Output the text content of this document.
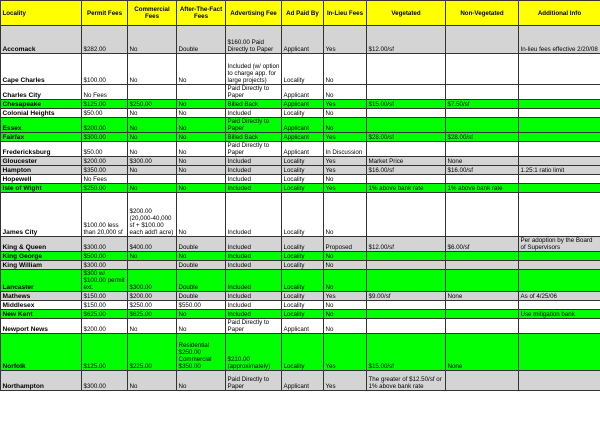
Locality	Permit Fees	Commercial Fees	After-The-Fact Fees	Advertising Fee	Ad Paid By	In-Lieu Fees	Vegetated	Non-Vegetated	Additional Info
Accomack	$282.00	No	Double	$160.00 Paid Directly to Paper	Applicant	Yes	$12.00/sf		In-lieu fees effective 2/20/08
Cape Charles	$100.00	No	No	Included (w/ option to charge app. for large projects)	Locality	No			
Charles City	No Fees			Paid Directly to Paper	Applicant	No			
Chesapeake	$125.00	$250.00	No	Billed Back	Applicant	Yes	$15.00/sf	$7.50/sf	
Colonial Heights	$50.00	No	No	Included	Locality	No			
Essex	$200.00	No	No	Paid Directly to Paper	Applicant	No			
Fairfax	$300.00	No	No	Billed Back	Applicant	Yes	$28.00/sf	$28.00/sf	
Fredericksburg	$50.00	No	No	Paid Directly to Paper	Applicant	In Discussion			
Gloucester	$200.00	$300.00	No	Included	Locality	Yes	Market Price	None	
Hampton	$350.00	No	No	Included	Locality	Yes	$16.00/sf	$16.00/sf	1.25:1 ratio limit
Hopewell	No Fees			Included	Locality	No			
Isle of Wight	$250.00	No	No	Included	Locality	Yes	1% above bank rate	1% above bank rate	
James City	$100.00 less than 20,000 sf	$200.00 (20,000-40,000 sf + $100.00 each add'l acre)	No	Included	Locality	No			
King & Queen	$300.00	$400.00	Double	Included	Locality	Proposed	$12.00/sf	$6.00/sf	Per adoption by the Board of Supervisors
King George	$500.00	No	No	Included	Locality	No			
King William	$300.00		Double	Included	Locality	No			
Lancaster	$300 w/ $100.00 permit ext.	$300.00	Double	Included	Locality	No			
Mathews	$150.00	$200.00	Double	Included	Locality	Yes	$9.00/sf	None	As of 4/25/06
Middlesex	$150.00	$250.00	$550.00	Included	Locality	No			
New Kent	$625.00	$625.00	No	Included	Locality	No			Use mitigation bank
Newport News	$200.00	No	No	Paid Directly to Paper	Applicant	No			
Norfolk	$125.00	$225.00	Residential $250.00 Commercial $350.00	$210.00 (approximately)	Locality	Yes	$15.00/sf	None	
Northampton	$300.00	No	No	Paid Directly to Paper	Applicant	Yes	The greater of $12.50/sf or 1% above bank rate		
